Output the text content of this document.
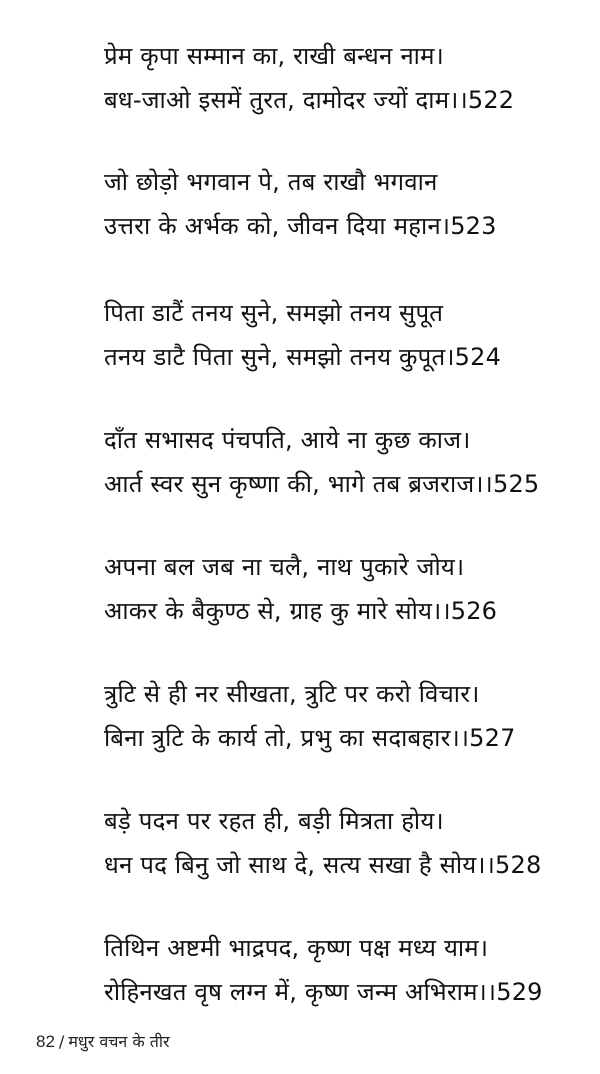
प्रेम कृपा सम्मान का, राखी बन्धन नाम।
बध-जाओ इसमें तुरत, दामोदर ज्यों दाम।।522
जो छोड़ो भगवान पे, तब राखौ भगवान
उत्तरा के अर्भक को, जीवन दिया महान।523
पिता डाटैं तनय सुने, समझो तनय सुपूत
तनय डाटै पिता सुने, समझो तनय कुपूत।524
दाँत सभासद पंचपति, आये ना कुछ काज।
आर्त स्वर सुन कृष्णा की, भागे तब ब्रजराज।।525
अपना बल जब ना चलै, नाथ पुकारे जोय।
आकर के बैकुण्ठ से, ग्राह कु मारे सोय।।526
त्रुटि से ही नर सीखता, त्रुटि पर करो विचार।
बिना त्रुटि के कार्य तो, प्रभु का सदाबहार।।527
बड़े पदन पर रहत ही, बड़ी मित्रता होय।
धन पद बिनु जो साथ दे, सत्य सखा है सोय।।528
तिथिन अष्टमी भाद्रपद, कृष्ण पक्ष मध्य याम।
रोहिनखत वृष लग्न में, कृष्ण जन्म अभिराम।।529
82 / मधुर वचन के तीर
